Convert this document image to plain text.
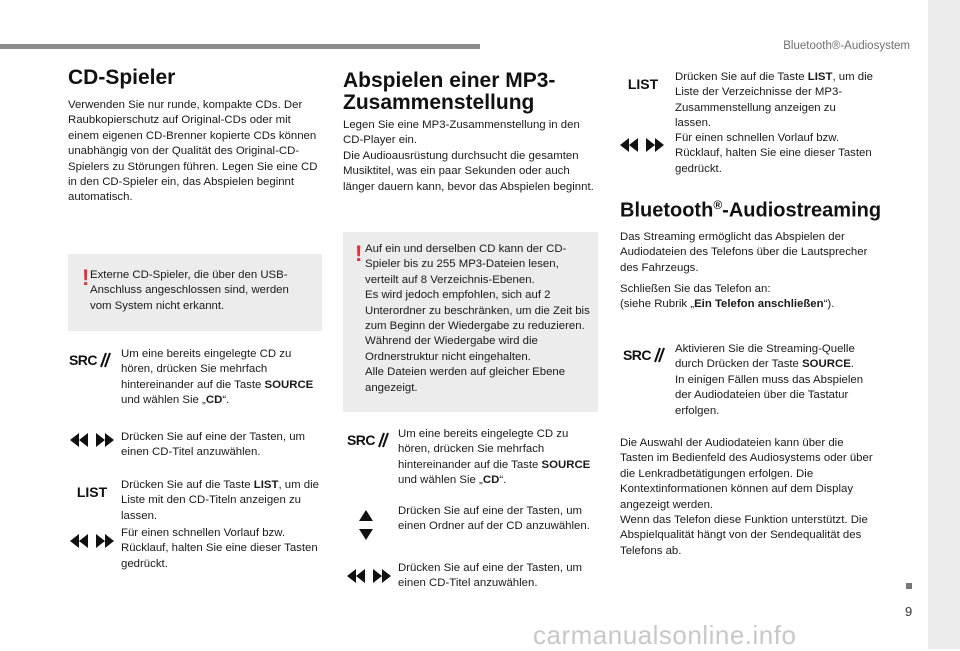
Bluetooth®-Audiosystem
CD-Spieler

Verwenden Sie nur runde, kompakte CDs. Der Raubkopierschutz auf Original-CDs oder mit einem eigenen CD-Brenner kopierte CDs können unabhängig von der Qualität des Original-CD-Spielers zu Störungen führen. Legen Sie eine CD in den CD-Spieler ein, das Abspielen beginnt automatisch.

! Externe CD-Spieler, die über den USB-Anschluss angeschlossen sind, werden vom System nicht erkannt.

SRC Um eine bereits eingelegte CD zu hören, drücken Sie mehrfach hintereinander auf die Taste SOURCE und wählen Sie „CD“.

Drücken Sie auf eine der Tasten, um einen CD-Titel anzuwählen.

LIST	Drücken Sie auf die Taste LIST, um die Liste mit den CD-Titeln anzeigen zu lassen.

Für einen schnellen Vorlauf bzw. Rücklauf, halten Sie eine dieser Tasten gedrückt.

Abspielen einer MP3-Zusammenstellung

Legen Sie eine MP3-Zusammenstellung in den CD-Player ein.
Die Audioausrüstung durchsucht die gesamten Musiktitel, was ein paar Sekunden oder auch länger dauern kann, bevor das Abspielen beginnt.

! Auf ein und derselben CD kann der CD-Spieler bis zu 255 MP3-Dateien lesen, verteilt auf 8 Verzeichnis-Ebenen.
Es wird jedoch empfohlen, sich auf 2 Unterordner zu beschränken, um die Zeit bis zum Beginn der Wiedergabe zu reduzieren.
Während der Wiedergabe wird die Ordnerstruktur nicht eingehalten.
Alle Dateien werden auf gleicher Ebene angezeigt.

SRC Um eine bereits eingelegte CD zu hören, drücken Sie mehrfach hintereinander auf die Taste SOURCE und wählen Sie „CD“.

Drücken Sie auf eine der Tasten, um einen Ordner auf der CD anzuwählen.

Drücken Sie auf eine der Tasten, um einen CD-Titel anzuwählen.

LIST	Drücken Sie auf die Taste LIST, um die Liste der Verzeichnisse der MP3-Zusammenstellung anzeigen zu lassen.

Für einen schnellen Vorlauf bzw. Rücklauf, halten Sie eine dieser Tasten gedrückt.

Bluetooth®-Audiostreaming

Das Streaming ermöglicht das Abspielen der Audiodateien des Telefons über die Lautsprecher des Fahrzeugs.

Schließen Sie das Telefon an:
(siehe Rubrik „Ein Telefon anschließen“).

SRC Aktivieren Sie die Streaming-Quelle durch Drücken der Taste SOURCE.
In einigen Fällen muss das Abspielen der Audiodateien über die Tastatur erfolgen.

Die Auswahl der Audiodateien kann über die Tasten im Bedienfeld des Audiosystems oder über die Lenkradbetätigungen erfolgen. Die Kontextinformationen können auf dem Display angezeigt werden.
Wenn das Telefon diese Funktion unterstützt. Die Abspielqualität hängt von der Sendequalität des Telefons ab.

9
carmanualsonline.info
